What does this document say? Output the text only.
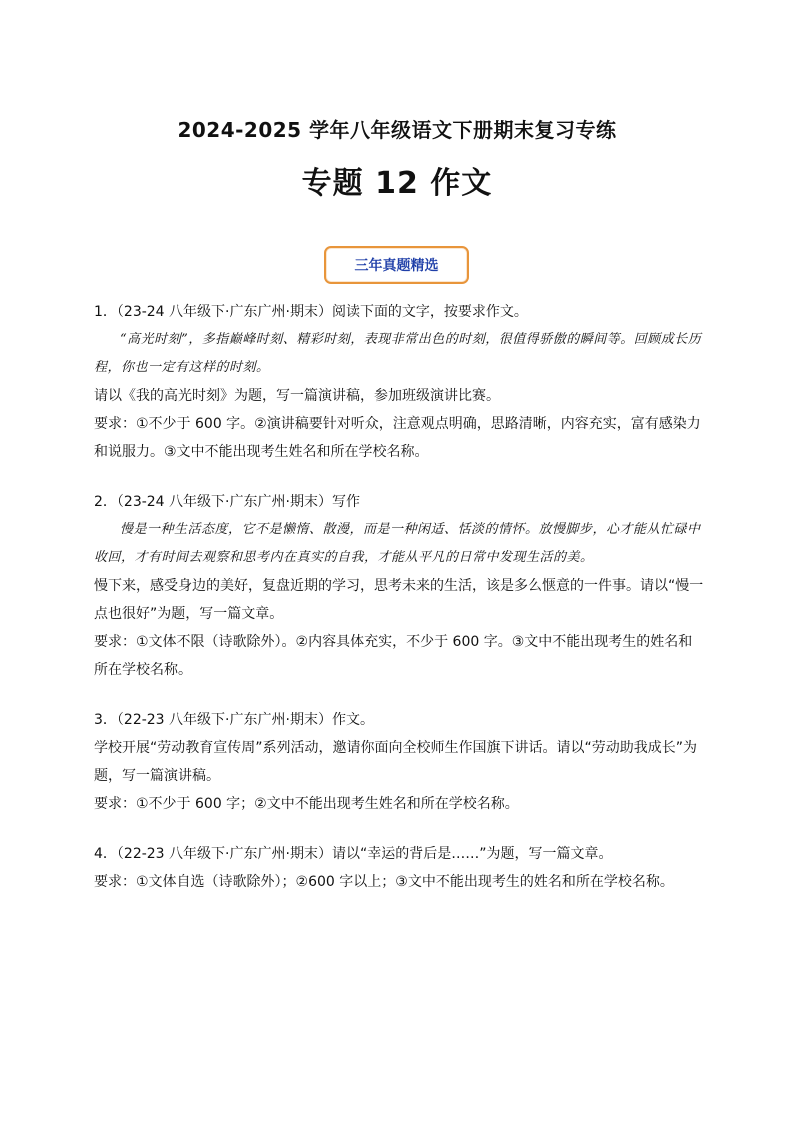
2024-2025 学年八年级语文下册期末复习专练
专题 12 作文
三年真题精选
1．（23-24 八年级下·广东广州·期末）阅读下面的文字，按要求作文。
“高光时刻”，多指巅峰时刻、精彩时刻，表现非常出色的时刻，很值得骄傲的瞬间等。回顾成长历程，你也一定有这样的时刻。
请以《我的高光时刻》为题，写一篇演讲稿，参加班级演讲比赛。
要求：①不少于 600 字。②演讲稿要针对听众，注意观点明确，思路清晰，内容充实，富有感染力和说服力。③文中不能出现考生姓名和所在学校名称。
2．（23-24 八年级下·广东广州·期末）写作
慢是一种生活态度，它不是懒惰、散漫，而是一种闲适、恬淡的情怀。放慢脚步，心才能从忙碌中收回，才有时间去观察和思考内在真实的自我，才能从平凡的日常中发现生活的美。
慢下来，感受身边的美好，复盘近期的学习，思考未来的生活，该是多么惬意的一件事。请以“慢一点也很好”为题，写一篇文章。
要求：①文体不限（诗歌除外）。②内容具体充实，不少于 600 字。③文中不能出现考生的姓名和所在学校名称。
3．（22-23 八年级下·广东广州·期末）作文。
学校开展“劳动教育宣传周”系列活动，邀请你面向全校师生作国旗下讲话。请以“劳动助我成长”为题，写一篇演讲稿。
要求：①不少于 600 字；②文中不能出现考生姓名和所在学校名称。
4．（22-23 八年级下·广东广州·期末）请以“幸运的背后是……”为题，写一篇文章。
要求：①文体自选（诗歌除外）；②600 字以上；③文中不能出现考生的姓名和所在学校名称。
